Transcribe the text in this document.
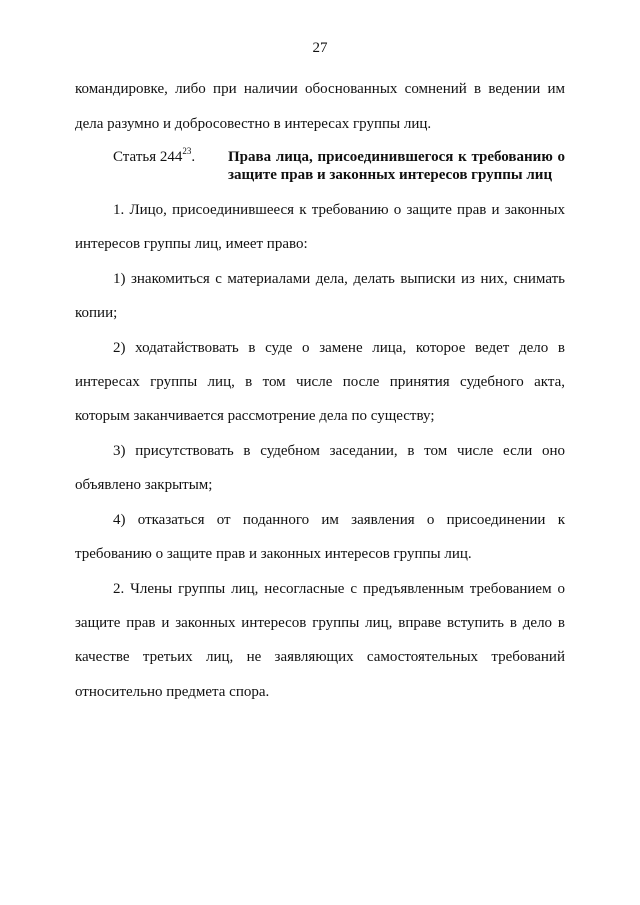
27
командировке, либо при наличии обоснованных сомнений в ведении им
дела разумно и добросовестно в интересах группы лиц.
Статья $244^{23}$. Права лица, присоединившегося к требованию о
защите прав и законных интересов группы лиц
1. Лицо, присоединившееся к требованию о защите прав и законных
интересов группы лиц, имеет право:
1) знакомиться с материалами дела, делать выписки из них, снимать
копии;
2) ходатайствовать в суде о замене лица, которое ведет дело в
интересах группы лиц, в том числе после принятия судебного акта,
которым заканчивается рассмотрение дела по существу;
3) присутствовать в судебном заседании, в том числе если оно
объявлено закрытым;
4) отказаться от поданного им заявления о присоединении к
требованию о защите прав и законных интересов группы лиц.
2. Члены группы лиц, несогласные с предъявленным требованием о
защите прав и законных интересов группы лиц, вправе вступить в дело в
качестве третьих лиц, не заявляющих самостоятельных требований
относительно предмета спора.
